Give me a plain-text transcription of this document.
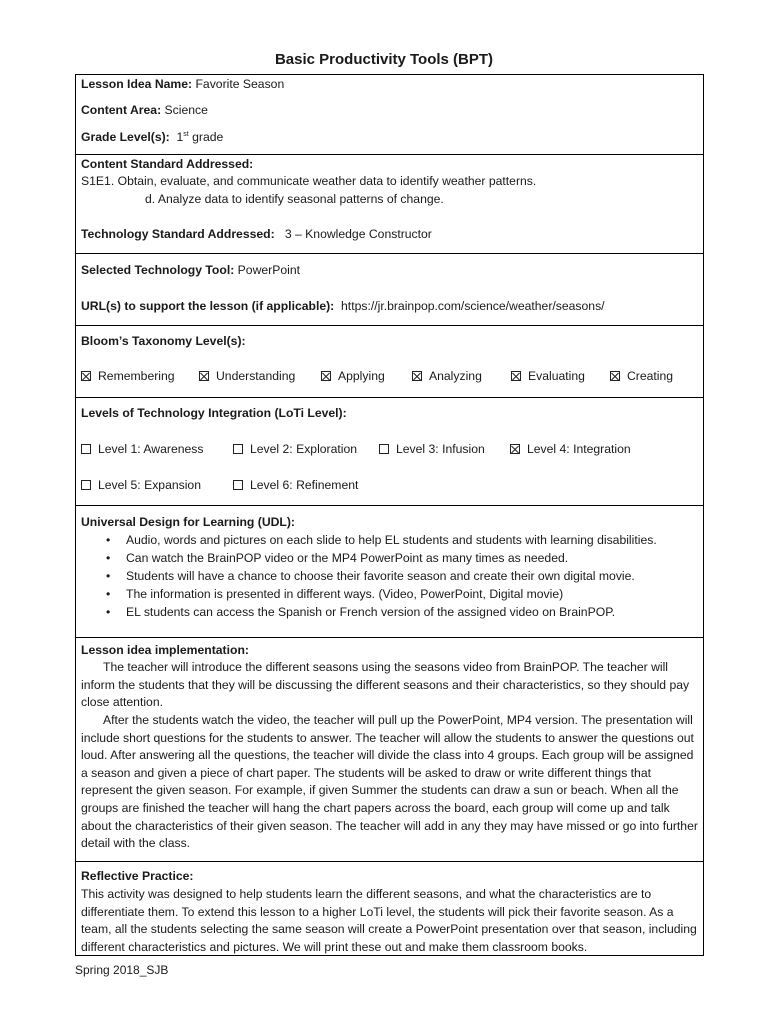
Basic Productivity Tools (BPT)
Lesson Idea Name: Favorite Season
Content Area: Science
Grade Level(s): 1st grade
Content Standard Addressed:
S1E1. Obtain, evaluate, and communicate weather data to identify weather patterns.
d. Analyze data to identify seasonal patterns of change.
Technology Standard Addressed: 3 – Knowledge Constructor
Selected Technology Tool: PowerPoint
URL(s) to support the lesson (if applicable): https://jr.brainpop.com/science/weather/seasons/
Bloom’s Taxonomy Level(s):
Remembering	Understanding	Applying	Analyzing	Evaluating	Creating
Levels of Technology Integration (LoTi Level):
Level 1: Awareness	Level 2: Exploration	Level 3: Infusion	Level 4: Integration
Level 5: Expansion	Level 6: Refinement
Universal Design for Learning (UDL):
• Audio, words and pictures on each slide to help EL students and students with learning disabilities.
• Can watch the BrainPOP video or the MP4 PowerPoint as many times as needed.
• Students will have a chance to choose their favorite season and create their own digital movie.
• The information is presented in different ways. (Video, PowerPoint, Digital movie)
• EL students can access the Spanish or French version of the assigned video on BrainPOP.
Lesson idea implementation:

The teacher will introduce the different seasons using the seasons video from BrainPOP. The teacher will inform the students that they will be discussing the different seasons and their characteristics, so they should pay close attention.

After the students watch the video, the teacher will pull up the PowerPoint, MP4 version. The presentation will include short questions for the students to answer. The teacher will allow the students to answer the questions out loud. After answering all the questions, the teacher will divide the class into 4 groups. Each group will be assigned a season and given a piece of chart paper. The students will be asked to draw or write different things that represent the given season. For example, if given Summer the students can draw a sun or beach. When all the groups are finished the teacher will hang the chart papers across the board, each group will come up and talk about the characteristics of their given season. The teacher will add in any they may have missed or go into further detail with the class.

Reflective Practice:

This activity was designed to help students learn the different seasons, and what the characteristics are to differentiate them. To extend this lesson to a higher LoTi level, the students will pick their favorite season. As a team, all the students selecting the same season will create a PowerPoint presentation over that season, including different characteristics and pictures. We will print these out and make them classroom books.

Spring 2018_SJB
